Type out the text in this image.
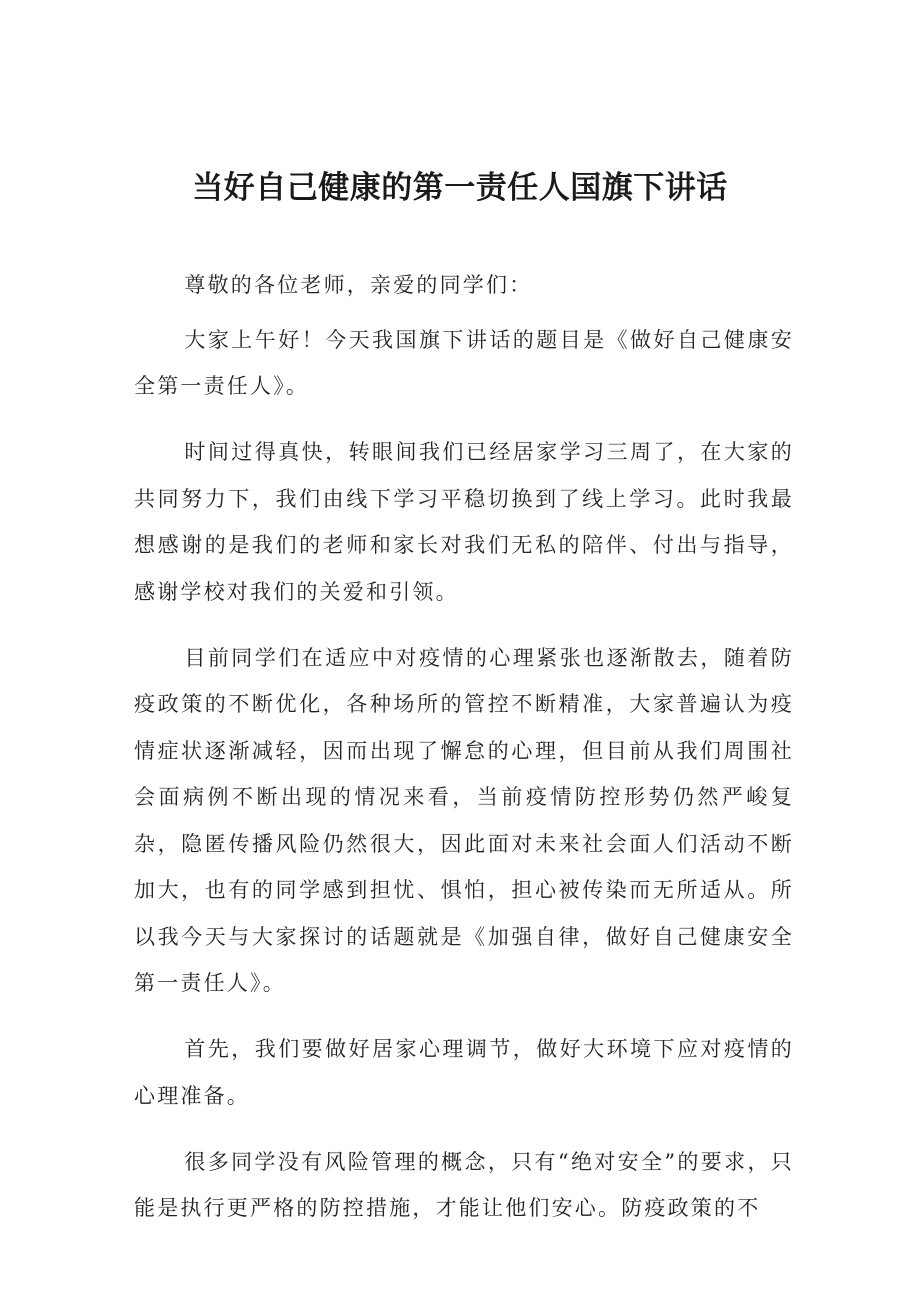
当好自己健康的第一责任人国旗下讲话

尊敬的各位老师，亲爱的同学们：

大家上午好！今天我国旗下讲话的题目是《做好自己健康安全第一责任人》。

时间过得真快，转眼间我们已经居家学习三周了，在大家的共同努力下，我们由线下学习平稳切换到了线上学习。此时我最想感谢的是我们的老师和家长对我们无私的陪伴、付出与指导，感谢学校对我们的关爱和引领。

目前同学们在适应中对疫情的心理紧张也逐渐散去，随着防疫政策的不断优化，各种场所的管控不断精准，大家普遍认为疫情症状逐渐减轻，因而出现了懈怠的心理，但目前从我们周围社会面病例不断出现的情况来看，当前疫情防控形势仍然严峻复杂，隐匿传播风险仍然很大，因此面对未来社会面人们活动不断加大，也有的同学感到担忧、惧怕，担心被传染而无所适从。所以我今天与大家探讨的话题就是《加强自律，做好自己健康安全第一责任人》。

首先，我们要做好居家心理调节，做好大环境下应对疫情的心理准备。

很多同学没有风险管理的概念，只有“绝对安全”的要求，只能是执行更严格的防控措施，才能让他们安心。防疫政策的不
